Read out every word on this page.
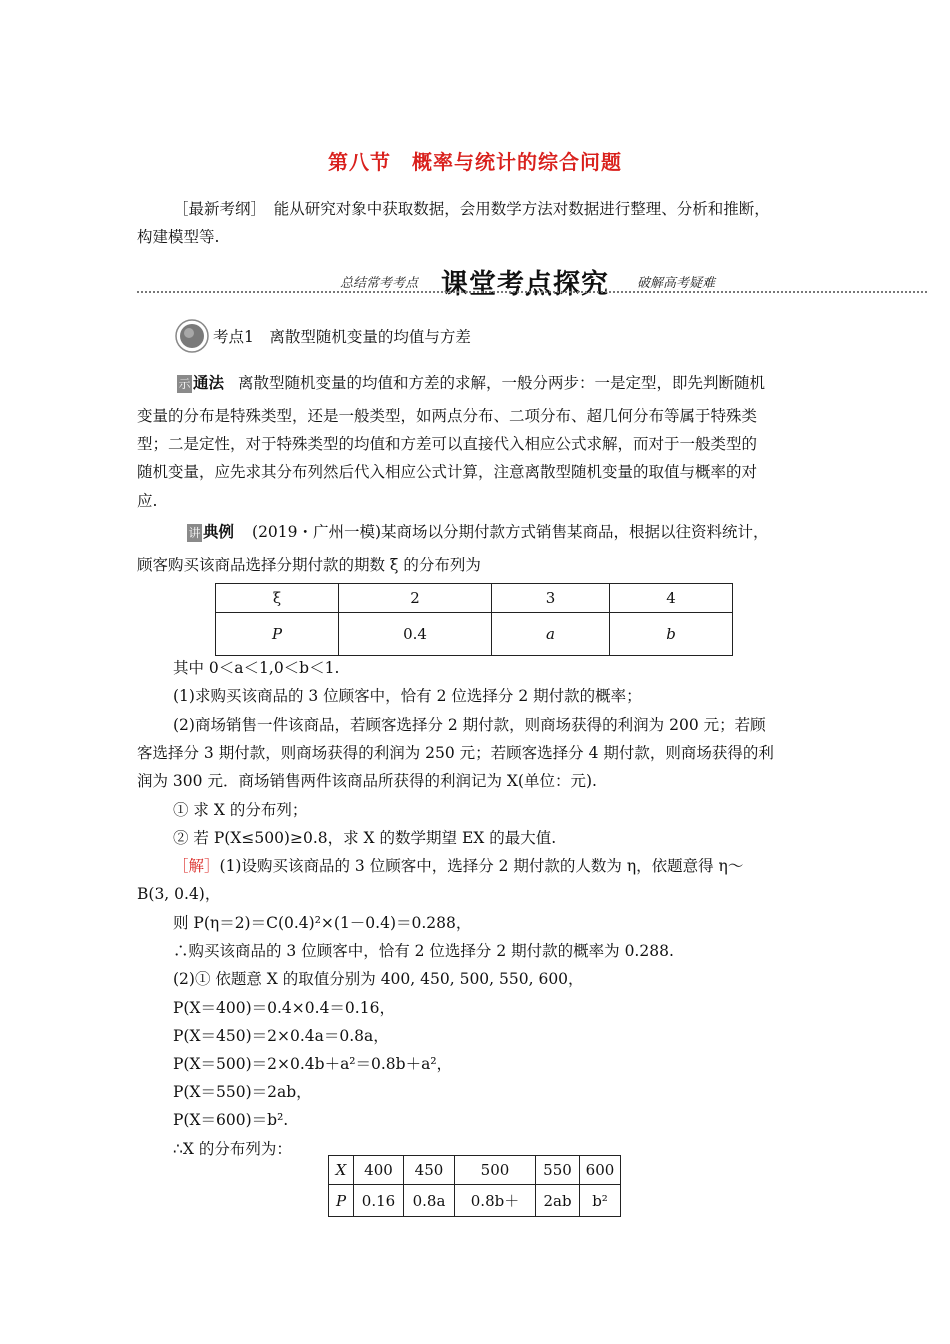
第八节　概率与统计的综合问题
［最新考纲］　能从研究对象中获取数据，会用数学方法对数据进行整理、分析和推断，
构建模型等.
总结常考考点 课堂考点探究 破解高考疑难
考点1　离散型随机变量的均值与方差
示 通法 离散型随机变量的均值和方差的求解，一般分两步：一是定型，即先判断随机
变量的分布是特殊类型，还是一般类型，如两点分布、二项分布、超几何分布等属于特殊类
型；二是定性，对于特殊类型的均值和方差可以直接代入相应公式求解，而对于一般类型的
随机变量，应先求其分布列然后代入相应公式计算，注意离散型随机变量的取值与概率的对
应.
讲 典例 (2019・广州一模)某商场以分期付款方式销售某商品，根据以往资料统计，
顾客购买该商品选择分期付款的期数 ξ 的分布列为
ξ	2	3	4
P	0.4	a	b
其中 0＜a＜1,0＜b＜1.
(1)求购买该商品的 3 位顾客中，恰有 2 位选择分 2 期付款的概率；
(2)商场销售一件该商品，若顾客选择分 2 期付款，则商场获得的利润为 200 元；若顾
客选择分 3 期付款，则商场获得的利润为 250 元；若顾客选择分 4 期付款，则商场获得的利
润为 300 元．商场销售两件该商品所获得的利润记为 X(单位：元).
① 求 X 的分布列；
② 若 P(X≤500)≥0.8，求 X 的数学期望 EX 的最大值.
［解］(1)设购买该商品的 3 位顾客中，选择分 2 期付款的人数为 η，依题意得 η～
B(3, 0.4)，
则 P(η＝2)＝C(0.4)²×(1－0.4)＝0.288，
∴购买该商品的 3 位顾客中，恰有 2 位选择分 2 期付款的概率为 0.288.
(2)① 依题意 X 的取值分别为 400, 450, 500, 550, 600，
P(X＝400)＝0.4×0.4＝0.16，
P(X＝450)＝2×0.4a＝0.8a，
P(X＝500)＝2×0.4b＋a²＝0.8b＋a²，
P(X＝550)＝2ab，
P(X＝600)＝b².
∴X 的分布列为：
X	400	450	500	550	600
P	0.16	0.8a	0.8b＋	2ab	b²
